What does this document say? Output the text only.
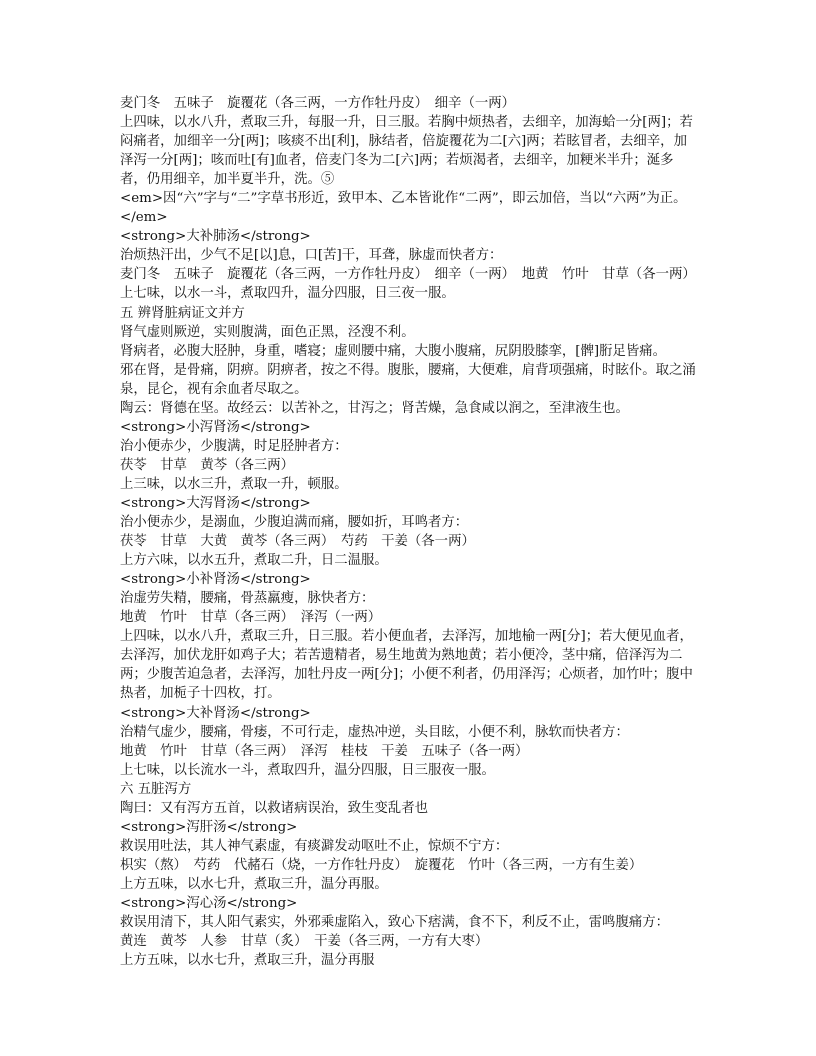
麦门冬　五味子　旋覆花（各三两，一方作牡丹皮）　细辛（一两）

上四味，以水八升，煮取三升，每服一升，日三服。若胸中烦热者，去细辛，加海蛤一分[两]；若闷痛者，加细辛一分[两]；咳痰不出[利]，脉结者，倍旋覆花为二[六]两；若眩冒者，去细辛，加泽泻一分[两]；咳而吐[有]血者，倍麦门冬为二[六]两；若烦渴者，去细辛，加粳米半升；涎多者，仍用细辛，加半夏半升，洗。⑤

<em>因“六”字与“二”字草书形近，致甲本、乙本皆讹作“二两”，即云加倍，当以“六两”为正。</em>

<strong>大补肺汤</strong>

治烦热汗出，少气不足[以]息，口[苦]干，耳聋，脉虚而快者方：

麦门冬　五味子　旋覆花（各三两，一方作牡丹皮）　细辛（一两）　地黄　竹叶　甘草（各一两）

上七味，以水一斗，煮取四升，温分四服，日三夜一服。

五 辨肾脏病证文并方

肾气虚则厥逆，实则腹满，面色正黑，泾溲不利。

肾病者，必腹大胫肿，身重，嗜寝；虚则腰中痛，大腹小腹痛，尻阴股膝挛，[髀]胻足皆痛。

邪在肾，是骨痛，阴痹。阴痹者，按之不得。腹胀，腰痛，大便难，肩背项强痛，时眩仆。取之涌泉，昆仑，视有余血者尽取之。

陶云：肾德在坚。故经云：以苦补之，甘泻之；肾苦燥，急食咸以润之，至津液生也。

<strong>小泻肾汤</strong>

治小便赤少，少腹满，时足胫肿者方：

茯苓　甘草　黄芩（各三两）

上三味，以水三升，煮取一升，顿服。

<strong>大泻肾汤</strong>

治小便赤少，是溺血，少腹迫满而痛，腰如折，耳鸣者方：

茯苓　甘草　大黄　黄芩（各三两）　芍药　干姜（各一两）

上方六味，以水五升，煮取二升，日二温服。

<strong>小补肾汤</strong>

治虚劳失精，腰痛，骨蒸羸瘦，脉快者方：

地黄　竹叶　甘草（各三两）　泽泻（一两）

上四味，以水八升，煮取三升，日三服。若小便血者，去泽泻，加地榆一两[分]；若大便见血者，去泽泻，加伏龙肝如鸡子大；若苦遗精者，易生地黄为熟地黄；若小便冷，茎中痛，倍泽泻为二两；少腹苦迫急者，去泽泻，加牡丹皮一两[分]；小便不利者，仍用泽泻；心烦者，加竹叶；腹中热者，加栀子十四枚，打。

<strong>大补肾汤</strong>

治精气虚少，腰痛，骨痿，不可行走，虚热冲逆，头目眩，小便不利，脉软而快者方：

地黄　竹叶　甘草（各三两）　泽泻　桂枝　干姜　五味子（各一两）

上七味，以长流水一斗，煮取四升，温分四服，日三服夜一服。

六 五脏泻方

陶曰：又有泻方五首，以救诸病误治，致生变乱者也

<strong>泻肝汤</strong>

救误用吐法，其人神气素虚，有痰澼发动呕吐不止，惊烦不宁方：

枳实（熬）　芍药　代赭石（烧，一方作牡丹皮）　旋覆花　竹叶（各三两，一方有生姜）

上方五味，以水七升，煮取三升，温分再服。

<strong>泻心汤</strong>

救误用清下，其人阳气素实，外邪乘虚陷入，致心下痞满，食不下，利反不止，雷鸣腹痛方：

黄连　黄芩　人参　甘草（炙）　干姜（各三两，一方有大枣）

上方五味，以水七升，煮取三升，温分再服
